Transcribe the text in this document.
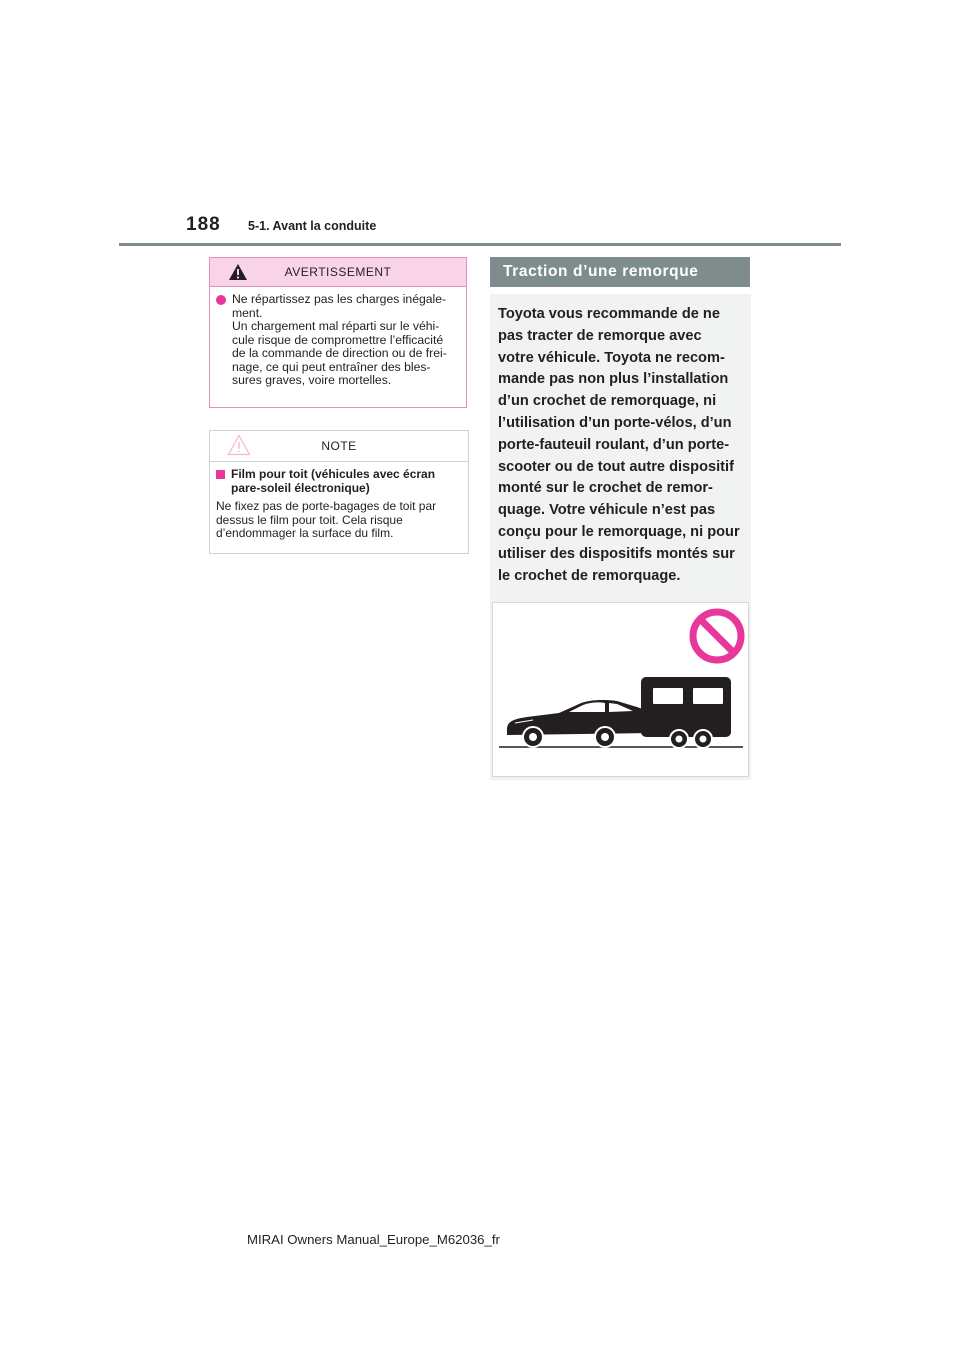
188 5-1. Avant la conduite
AVERTISSEMENT
Ne répartissez pas les charges inégale-
ment.
Un chargement mal réparti sur le véhi-
cule risque de compromettre l’efficacité
de la commande de direction ou de frei-
nage, ce qui peut entraîner des bles-
sures graves, voire mortelles.
NOTE
Film pour toit (véhicules avec écran
pare-soleil électronique)
Ne fixez pas de porte-bagages de toit par
dessus le film pour toit. Cela risque
d’endommager la surface du film.
Traction d’une remorque
Toyota vous recommande de ne
pas tracter de remorque avec
votre véhicule. Toyota ne recom-
mande pas non plus l’installation
d’un crochet de remorquage, ni
l’utilisation d’un porte-vélos, d’un
porte-fauteuil roulant, d’un porte-
scooter ou de tout autre dispositif
monté sur le crochet de remor-
quage. Votre véhicule n’est pas
conçu pour le remorquage, ni pour
utiliser des dispositifs montés sur
le crochet de remorquage.
MIRAI Owners Manual_Europe_M62036_fr
